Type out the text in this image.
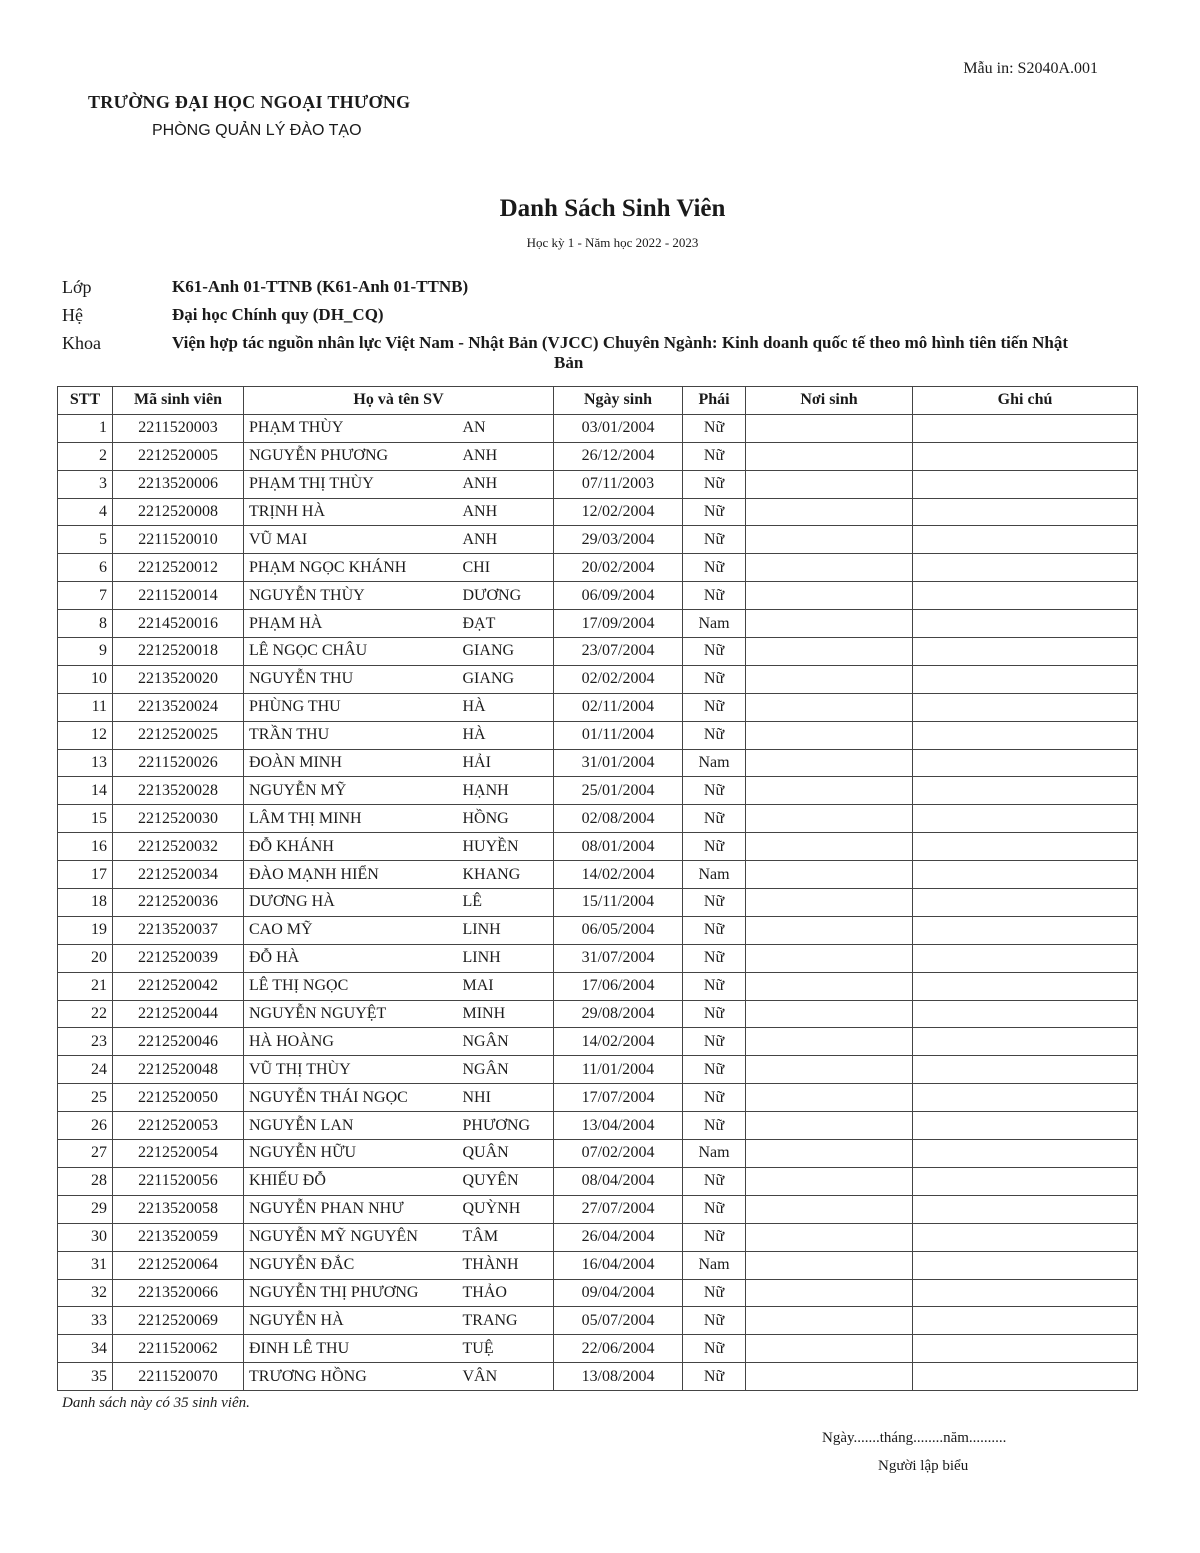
Mẫu in: S2040A.001
TRƯỜNG ĐẠI HỌC NGOẠI THƯƠNG
PHÒNG QUẢN LÝ ĐÀO TẠO
Danh Sách Sinh Viên
Học kỳ 1 - Năm học 2022 - 2023
Lớp	K61-Anh 01-TTNB (K61-Anh 01-TTNB)
Hệ	Đại học Chính quy (DH_CQ)
Khoa	Viện hợp tác nguồn nhân lực Việt Nam - Nhật Bản (VJCC) Chuyên Ngành: Kinh doanh quốc tế theo mô hình tiên tiến Nhật
Bản
STT	Mã sinh viên	Họ và tên SV		Ngày sinh	Phái	Nơi sinh	Ghi chú
1	2211520003	PHẠM THÙY	AN	03/01/2004	Nữ		
2	2212520005	NGUYỄN PHƯƠNG	ANH	26/12/2004	Nữ		
3	2213520006	PHẠM THỊ THÙY	ANH	07/11/2003	Nữ		
4	2212520008	TRỊNH HÀ	ANH	12/02/2004	Nữ		
5	2211520010	VŨ MAI	ANH	29/03/2004	Nữ		
6	2212520012	PHẠM NGỌC KHÁNH	CHI	20/02/2004	Nữ		
7	2211520014	NGUYỄN THÙY	DƯƠNG	06/09/2004	Nữ		
8	2214520016	PHẠM HÀ	ĐẠT	17/09/2004	Nam		
9	2212520018	LÊ NGỌC CHÂU	GIANG	23/07/2004	Nữ		
10	2213520020	NGUYỄN THU	GIANG	02/02/2004	Nữ		
11	2213520024	PHÙNG THU	HÀ	02/11/2004	Nữ		
12	2212520025	TRẦN THU	HÀ	01/11/2004	Nữ		
13	2211520026	ĐOÀN MINH	HẢI	31/01/2004	Nam		
14	2213520028	NGUYỄN MỸ	HẠNH	25/01/2004	Nữ		
15	2212520030	LÂM THỊ MINH	HỒNG	02/08/2004	Nữ		
16	2212520032	ĐỖ KHÁNH	HUYỀN	08/01/2004	Nữ		
17	2212520034	ĐÀO MẠNH HIỂN	KHANG	14/02/2004	Nam		
18	2212520036	DƯƠNG HÀ	LÊ	15/11/2004	Nữ		
19	2213520037	CAO MỸ	LINH	06/05/2004	Nữ		
20	2212520039	ĐỖ HÀ	LINH	31/07/2004	Nữ		
21	2212520042	LÊ THỊ NGỌC	MAI	17/06/2004	Nữ		
22	2212520044	NGUYỄN NGUYỆT	MINH	29/08/2004	Nữ		
23	2212520046	HÀ HOÀNG	NGÂN	14/02/2004	Nữ		
24	2212520048	VŨ THỊ THÙY	NGÂN	11/01/2004	Nữ		
25	2212520050	NGUYỄN THÁI NGỌC	NHI	17/07/2004	Nữ		
26	2212520053	NGUYỄN LAN	PHƯƠNG	13/04/2004	Nữ		
27	2212520054	NGUYỄN HỮU	QUÂN	07/02/2004	Nam		
28	2211520056	KHIẾU ĐỖ	QUYÊN	08/04/2004	Nữ		
29	2213520058	NGUYỄN PHAN NHƯ	QUỲNH	27/07/2004	Nữ		
30	2213520059	NGUYỄN MỸ NGUYÊN	TÂM	26/04/2004	Nữ		
31	2212520064	NGUYỄN ĐẮC	THÀNH	16/04/2004	Nam		
32	2213520066	NGUYỄN THỊ PHƯƠNG	THẢO	09/04/2004	Nữ		
33	2212520069	NGUYỄN HÀ	TRANG	05/07/2004	Nữ		
34	2211520062	ĐINH LÊ THU	TUỆ	22/06/2004	Nữ		
35	2211520070	TRƯƠNG HỒNG	VÂN	13/08/2004	Nữ		
Danh sách này có 35 sinh viên.
Ngày.......tháng........năm..........
Người lập biểu
